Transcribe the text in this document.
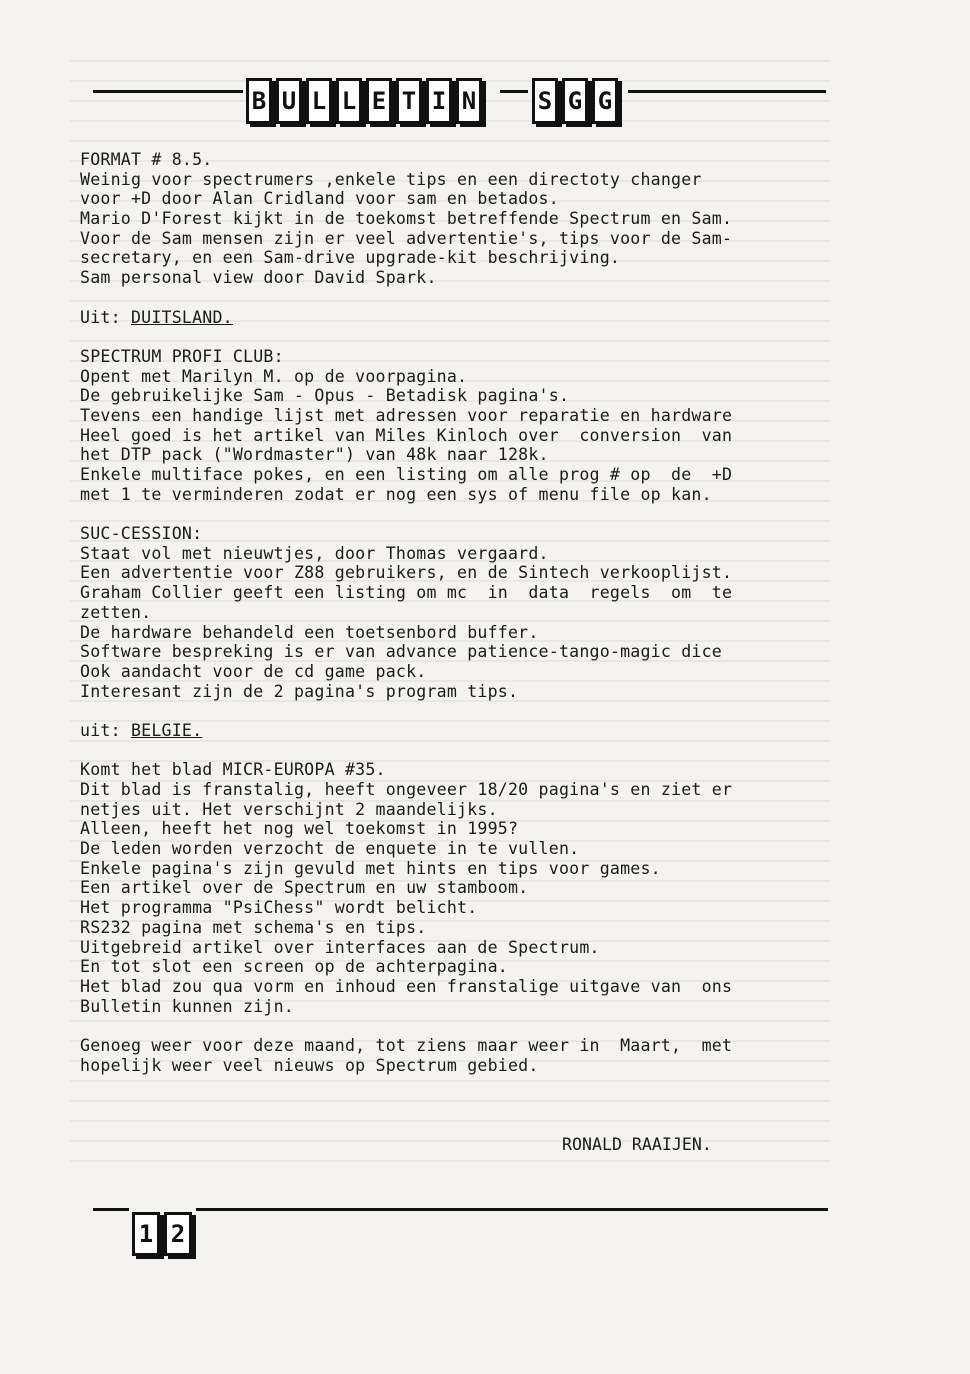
B U L L E T I N	S G G
FORMAT # 8.5.
Weinig voor spectrumers ,enkele tips en een directoty changer
voor +D door Alan Cridland voor sam en betados.
Mario D'Forest kijkt in de toekomst betreffende Spectrum en Sam.
Voor de Sam mensen zijn er veel advertentie's, tips voor de Sam-
secretary, en een Sam-drive upgrade-kit beschrijving.
Sam personal view door David Spark.

Uit: DUITSLAND.

SPECTRUM PROFI CLUB:
Opent met Marilyn M. op de voorpagina.
De gebruikelijke Sam - Opus - Betadisk pagina's.
Tevens een handige lijst met adressen voor reparatie en hardware
Heel goed is het artikel van Miles Kinloch over  conversion  van
het DTP pack ("Wordmaster") van 48k naar 128k.
Enkele multiface pokes, en een listing om alle prog # op  de  +D
met 1 te verminderen zodat er nog een sys of menu file op kan.

SUC-CESSION:
Staat vol met nieuwtjes, door Thomas vergaard.
Een advertentie voor Z88 gebruikers, en de Sintech verkooplijst.
Graham Collier geeft een listing om mc  in  data  regels  om  te
zetten.
De hardware behandeld een toetsenbord buffer.
Software bespreking is er van advance patience-tango-magic dice
Ook aandacht voor de cd game pack.
Interesant zijn de 2 pagina's program tips.

uit: BELGIE.

Komt het blad MICR-EUROPA #35.
Dit blad is franstalig, heeft ongeveer 18/20 pagina's en ziet er
netjes uit. Het verschijnt 2 maandelijks.
Alleen, heeft het nog wel toekomst in 1995?
De leden worden verzocht de enquete in te vullen.
Enkele pagina's zijn gevuld met hints en tips voor games.
Een artikel over de Spectrum en uw stamboom.
Het programma "PsiChess" wordt belicht.
RS232 pagina met schema's en tips.
Uitgebreid artikel over interfaces aan de Spectrum.
En tot slot een screen op de achterpagina.
Het blad zou qua vorm en inhoud een franstalige uitgave van  ons
Bulletin kunnen zijn.

Genoeg weer voor deze maand, tot ziens maar weer in  Maart,  met
hopelijk weer veel nieuws op Spectrum gebied.
RONALD RAAIJEN.
1 2
